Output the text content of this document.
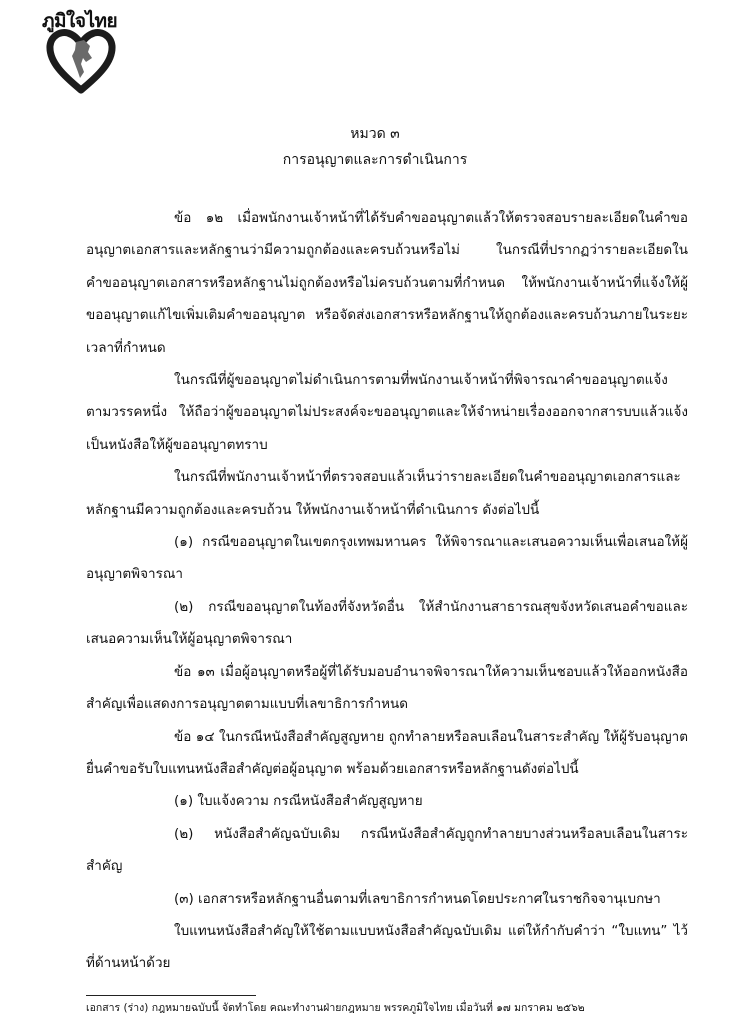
ภูมิใจไทย
หมวด ๓
การอนุญาตและการดำเนินการ

ข้อ ๑๒ เมื่อพนักงานเจ้าหน้าที่ได้รับคำขออนุญาตแล้วให้ตรวจสอบรายละเอียดในคำขออนุญาตเอกสารและหลักฐานว่ามีความถูกต้องและครบถ้วนหรือไม่ ในกรณีที่ปรากฏว่ารายละเอียดในคำขออนุญาตเอกสารหรือหลักฐานไม่ถูกต้องหรือไม่ครบถ้วนตามที่กำหนด ให้พนักงานเจ้าหน้าที่แจ้งให้ผู้ขออนุญาตแก้ไขเพิ่มเติมคำขออนุญาต หรือจัดส่งเอกสารหรือหลักฐานให้ถูกต้องและครบถ้วนภายในระยะเวลาที่กำหนด

ในกรณีที่ผู้ขออนุญาตไม่ดำเนินการตามที่พนักงานเจ้าหน้าที่พิจารณาคำขออนุญาตแจ้งตามวรรคหนึ่ง ให้ถือว่าผู้ขออนุญาตไม่ประสงค์จะขออนุญาตและให้จำหน่ายเรื่องออกจากสารบบแล้วแจ้งเป็นหนังสือให้ผู้ขออนุญาตทราบ

ในกรณีที่พนักงานเจ้าหน้าที่ตรวจสอบแล้วเห็นว่ารายละเอียดในคำขออนุญาตเอกสารและหลักฐานมีความถูกต้องและครบถ้วน ให้พนักงานเจ้าหน้าที่ดำเนินการ ดังต่อไปนี้

(๑) กรณีขออนุญาตในเขตกรุงเทพมหานคร ให้พิจารณาและเสนอความเห็นเพื่อเสนอให้ผู้อนุญาตพิจารณา

(๒) กรณีขออนุญาตในท้องที่จังหวัดอื่น ให้สำนักงานสาธารณสุขจังหวัดเสนอคำขอและเสนอความเห็นให้ผู้อนุญาตพิจารณา

ข้อ ๑๓ เมื่อผู้อนุญาตหรือผู้ที่ได้รับมอบอำนาจพิจารณาให้ความเห็นชอบแล้วให้ออกหนังสือสำคัญเพื่อแสดงการอนุญาตตามแบบที่เลขาธิการกำหนด

ข้อ ๑๔ ในกรณีหนังสือสำคัญสูญหาย ถูกทำลายหรือลบเลือนในสาระสำคัญ ให้ผู้รับอนุญาตยื่นคำขอรับใบแทนหนังสือสำคัญต่อผู้อนุญาต พร้อมด้วยเอกสารหรือหลักฐานดังต่อไปนี้

(๑) ใบแจ้งความ กรณีหนังสือสำคัญสูญหาย

(๒) หนังสือสำคัญฉบับเดิม กรณีหนังสือสำคัญถูกทำลายบางส่วนหรือลบเลือนในสาระสำคัญ

(๓) เอกสารหรือหลักฐานอื่นตามที่เลขาธิการกำหนดโดยประกาศในราชกิจจานุเบกษา

ใบแทนหนังสือสำคัญให้ใช้ตามแบบหนังสือสำคัญฉบับเดิม แต่ให้กำกับคำว่า “ใบแทน” ไว้ที่ด้านหน้าด้วย

เอกสาร (ร่าง) กฎหมายฉบับนี้ จัดทำโดย คณะทำงานฝ่ายกฎหมาย พรรคภูมิใจไทย เมื่อวันที่ ๑๗ มกราคม ๒๕๖๒
